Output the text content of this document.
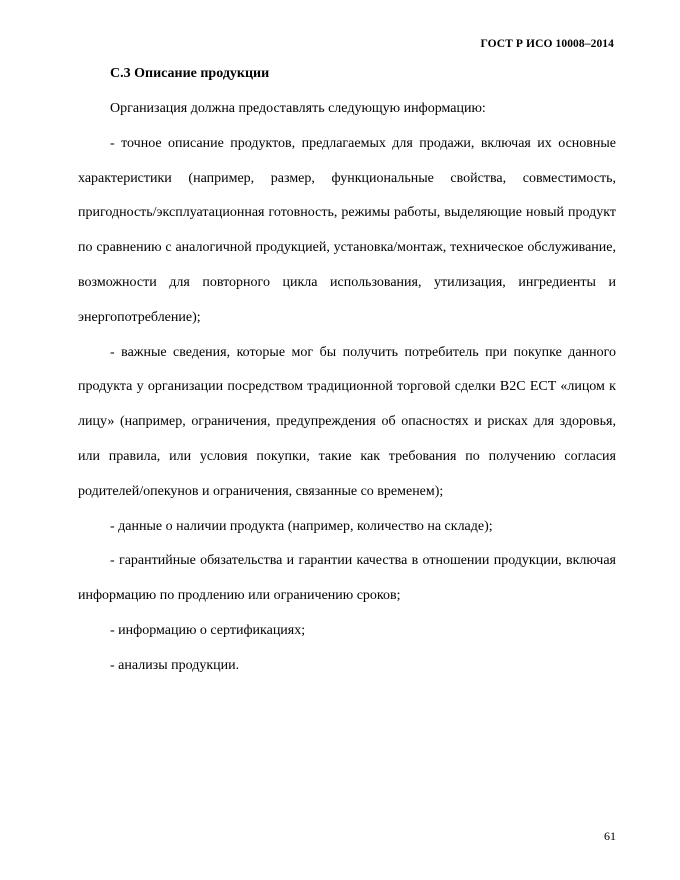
ГОСТ Р ИСО 10008–2014
С.3 Описание продукции

Организация должна предоставлять следующую информацию:

- точное описание продуктов, предлагаемых для продажи, включая их основные характеристики (например, размер, функциональные свойства, совместимость, пригодность/эксплуатационная готовность, режимы работы, выделяющие новый продукт по сравнению с аналогичной продукцией, установка/монтаж, техническое обслуживание, возможности для повторного цикла использования, утилизация, ингредиенты и энергопотребление);

- важные сведения, которые мог бы получить потребитель при покупке данного продукта у организации посредством традиционной торговой сделки B2C ECT «лицом к лицу» (например, ограничения, предупреждения об опасностях и рисках для здоровья, или правила, или условия покупки, такие как требования по получению согласия родителей/опекунов и ограничения, связанные со временем);

- данные о наличии продукта (например, количество на складе);

- гарантийные обязательства и гарантии качества в отношении продукции, включая информацию по продлению или ограничению сроков;

- информацию о сертификациях;

- анализы продукции.

61
